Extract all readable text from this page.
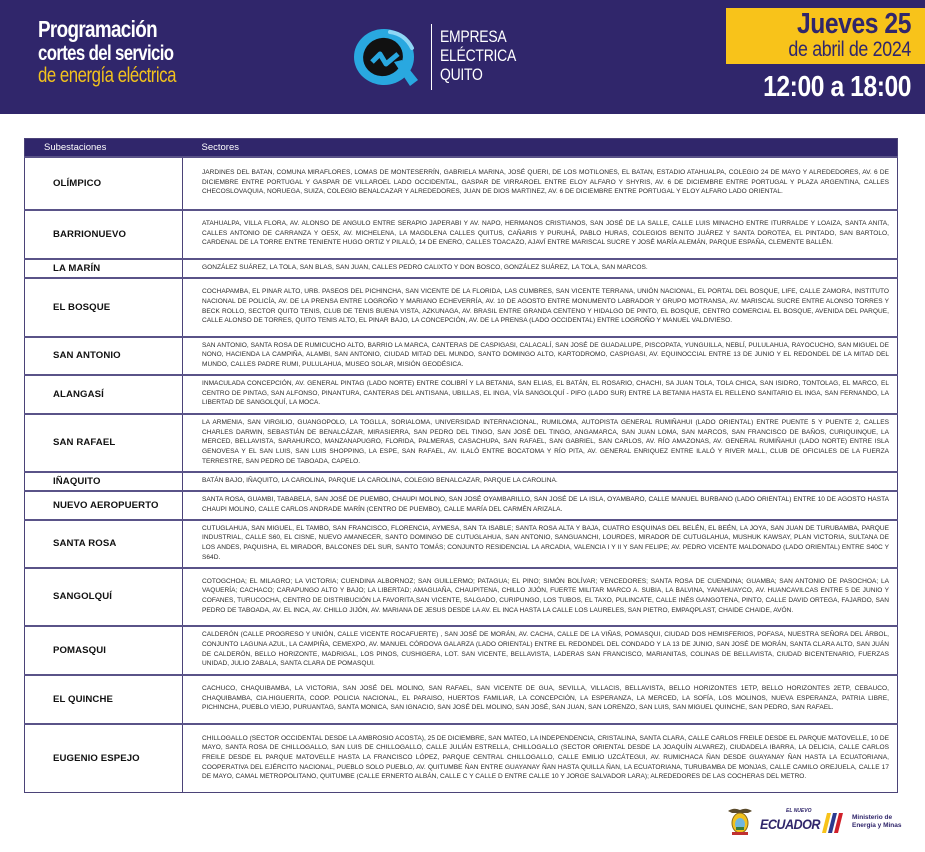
Programación
cortes del servicio
de energía eléctrica
EMPRESA
ELÉCTRICA
QUITO
Jueves 25
de abril de 2024
12:00 a 18:00
Subestaciones	Sectores
OLÍMPICO	JARDINES DEL BATAN, COMUNA MIRAFLORES, LOMAS DE MONTESERRÍN, GABRIELA MARINA, JOSÉ QUERI, DE LOS MOTILONES, EL BATAN, ESTADIO ATAHUALPA, COLEGIO 24 DE MAYO Y ALREDEDORES, AV. 6 DE DICIEMBRE ENTRE PORTUGAL Y GASPAR DE VILLAROEL LADO OCCIDENTAL, GASPAR DE VIRRAROEL ENTRE ELOY ALFARO Y SHYRIS, AV. 6 DE DICIEMBRE ENTRE PORTUGAL Y PLAZA ARGENTINA, CALLES CHECOSLOVAQUIA, NORUEGA, SUIZA, COLEGIO BENALCAZAR Y ALREDEDORES, JUAN DE DIOS MARTINEZ, AV. 6 DE DICIEMBRE ENTRE PORTUGAL Y ELOY ALFARO LADO ORIENTAL.
BARRIONUEVO	ATAHUALPA, VILLA FLORA, AV. ALONSO DE ANGULO ENTRE SERAPIO JAPERABI Y AV. NAPO, HERMANOS CRISTIANOS, SAN JOSÉ DE LA SALLE, CALLE LUIS MINACHO ENTRE ITURRALDE Y LOAIZA, SANTA ANITA, CALLES ANTONIO DE CARRANZA Y OE5X, AV. MICHELENA, LA MAGDLENA CALLES QUITUS, CAÑARIS Y PURUHÁ, PABLO HURAS, COLEGIOS BENITO JUÁREZ Y SANTA DOROTEA, EL PINTADO, SAN BARTOLO, CARDENAL DE LA TORRE ENTRE TENIENTE HUGO ORTIZ Y PILALÓ, 14 DE ENERO, CALLES TOACAZO, AJAVÍ ENTRE MARISCAL SUCRE Y JOSÉ MARÍA ALEMÁN, PARQUE ESPAÑA, CLEMENTE BALLÉN.
LA MARÍN	GONZÁLEZ SUÁREZ, LA TOLA, SAN BLAS, SAN JUAN, CALLES PEDRO CALIXTO Y DON BOSCO, GONZÁLEZ SUÁREZ, LA TOLA, SAN MARCOS.
EL BOSQUE	COCHAPAMBA, EL PINAR ALTO, URB. PASEOS DEL PICHINCHA, SAN VICENTE DE LA FLORIDA, LAS CUMBRES, SAN VICENTE TERRANA, UNIÓN NACIONAL, EL PORTAL DEL BOSQUE, LIFE, CALLE ZAMORA, INSTITUTO NACIONAL DE POLICÍA, AV. DE LA PRENSA ENTRE LOGROÑO Y MARIANO ECHEVERRÍA, AV. 10 DE AGOSTO ENTRE MONUMENTO LABRADOR Y GRUPO MOTRANSA, AV. MARISCAL SUCRE ENTRE ALONSO TORRES Y BECK ROLLO, SECTOR QUITO TENIS, CLUB DE TENIS BUENA VISTA, AZKUNAGA, AV. BRASIL ENTRE GRANDA CENTENO Y HIDALGO DE PINTO, EL BOSQUE, CENTRO COMERCIAL EL BOSQUE, AVENIDA DEL PARQUE, CALLE ALONSO DE TORRES, QUITO TENIS ALTO, EL PINAR BAJO, LA CONCEPCIÓN, AV. DE LA PRENSA (LADO OCCIDENTAL) ENTRE LOGROÑO Y MANUEL VALDIVIESO.
SAN ANTONIO	SAN ANTONIO, SANTA ROSA DE RUMICUCHO ALTO, BARRIO LA MARCA, CANTERAS DE CASPIGASI, CALACALÍ, SAN JOSÉ DE GUADALUPE, PISCOPATA, YUNGUILLA, NEBLÍ, PULULAHUA, RAYOCUCHO, SAN MIGUEL DE NONO, HACIENDA LA CAMPIÑA, ALAMBI, SAN ANTONIO, CIUDAD MITAD DEL MUNDO, SANTO DOMINGO ALTO, KARTODROMO, CASPIGASI, AV. EQUINOCCIAL ENTRE 13 DE JUNIO Y EL REDONDEL DE LA MITAD DEL MUNDO, CALLES PADRE RUMI, PULULAHUA, MUSEO SOLAR, MISIÓN GEODÉSICA.
ALANGASÍ	INMACULADA CONCEPCIÓN, AV. GENERAL PINTAG (LADO NORTE) ENTRE COLIBRÍ Y LA BETANIA, SAN ELIAS, EL BATÁN, EL ROSARIO, CHACHI, SA JUAN TOLA, TOLA CHICA, SAN ISIDRO, TONTOLAG, EL MARCO, EL CENTRO DE PINTAG, SAN ALFONSO, PINANTURA, CANTERAS DEL ANTISANA, UBILLAS, EL INGA, VÍA SANGOLQUÍ - PIFO (LADO SUR) ENTRE LA BETANIA HASTA EL RELLENO SANITARIO EL INGA, SAN FERNANDO, LA LIBERTAD DE SANGOLQUÍ, LA MOCA.
SAN RAFAEL	LA ARMENIA, SAN VIRGILIO, GUANGOPOLO, LA TOGLLA, SORIALOMA, UNIVERSIDAD INTERNACIONAL, RUMILOMA, AUTOPISTA GENERAL RUMIÑAHUI (LADO ORIENTAL) ENTRE PUENTE 5 Y PUENTE 2, CALLES CHARLES DARWIN, SEBASTIÁN DE BENALCÁZAR, MIRASIERRA, SAN PEDRO DEL TINGO, SAN JOSÉ DEL TINGO, ANGAMARCA, SAN JUAN LOMA, SAN MARCOS, SAN FRANCISCO DE BAÑOS, CURIQUINQUE, LA MERCED, BELLAVISTA, SARAHURCO, MANZANAPUGRO, FLORIDA, PALMERAS, CASACHUPA, SAN RAFAEL, SAN GABRIEL, SAN CARLOS, AV. RÍO AMAZONAS, AV. GENERAL RUMIÑAHUI (LADO NORTE) ENTRE ISLA GENOVESA Y EL SAN LUIS, SAN LUIS SHOPPING, LA ESPE, SAN RAFAEL, AV. ILALÓ ENTRE BOCATOMA Y RÍO PITA, AV. GENERAL ENRIQUEZ ENTRE ILALÓ Y RIVER MALL, CLUB DE OFICIALES DE LA FUERZA TERRESTRE, SAN PEDRO DE TABOADA, CAPELO.
IÑAQUITO	BATÁN BAJO, IÑAQUITO, LA CAROLINA, PARQUE LA CAROLINA, COLEGIO BENALCAZAR, PARQUE LA CAROLINA.
NUEVO AEROPUERTO	SANTA ROSA, GUAMBI, TABABELA, SAN JOSÉ DE PUEMBO, CHAUPI MOLINO, SAN JOSÉ OYAMBARILLO, SAN JOSÉ DE LA ISLA, OYAMBARO, CALLE MANUEL BURBANO (LADO ORIENTAL) ENTRE 10 DE AGOSTO HASTA CHAUPI MOLINO, CALLE CARLOS ANDRADE MARÍN (CENTRO DE PUEMBO), CALLE MARÍA DEL CARMÉN ARIZALA.
SANTA ROSA	CUTUGLAHUA, SAN MIGUEL, EL TAMBO, SAN FRANCISCO, FLORENCIA, AYMESA, SAN TA ISABLE; SANTA ROSA ALTA Y BAJA, CUATRO ESQUINAS DEL BELÉN, EL BEÉN, LA JOYA, SAN JUAN DE TURUBAMBA, PARQUE INDUSTRIAL, CALLE S60, EL CISNE, NUEVO AMANECER, SANTO DOMINGO DE CUTUGLAHUA, SAN ANTONIO, SANGUANCHI, LOURDES, MIRADOR DE CUTUGLAHUA, MUSHUK KAWSAY, PLAN VICTORIA, SULTANA DE LOS ANDES, PAQUISHA, EL MIRADOR, BALCONES DEL SUR, SANTO TOMÁS; CONJUNTO RESIDENCIAL LA ARCADIA, VALENCIA I Y II Y SAN FELIPE; AV. PEDRO VICENTE MALDONADO (LADO ORIENTAL) ENTRE S40C Y S64D.
SANGOLQUÍ	COTOGCHOA; EL MILAGRO; LA VICTORIA; CUENDINA ALBORNOZ; SAN GUILLERMO; PATAGUA; EL PINO; SIMÓN BOLÍVAR; VENCEDORES; SANTA ROSA DE CUENDINA; GUAMBA; SAN ANTONIO DE PASOCHOA; LA VAQUERÍA; CACHACO; CARAPUNGO ALTO Y BAJO; LA LIBERTAD; AMAGUAÑA, CHAUPITENA, CHILLO JIJÓN, FUERTE MILITAR MARCO A. SUBIA, LA BALVINA, YANAHUAYCO, AV. HUANCAVILCAS ENTRE 5 DE JUNIO Y COFANES, TURUCOCHA, CENTRO DE DISTRIBUCIÓN LA FAVORITA,SAN VICENTE, SALGADO, CURIPUNGO, LOS TUBOS, EL TAXO, PULINCATE, CALLE INÉS GANGOTENA, PINTO, CALLE DAVID ORTEGA, FAJARDO, SAN PEDRO DE TABOADA, AV. EL INCA, AV. CHILLO JIJÓN, AV. MARIANA DE JESUS DESDE LA AV. EL INCA HASTA LA CALLE LOS LAURELES, SAN PIETRO, EMPAQPLAST, CHAIDE CHAIDE, AVÓN.
POMASQUI	CALDERÓN (CALLE PROGRESO Y UNIÓN, CALLE VICENTE ROCAFUERTE) , SAN JOSÉ DE MORÁN, AV. CACHA, CALLE DE LA VIÑAS, POMASQUI, CIUDAD DOS HEMISFERIOS, POFASA, NUESTRA SEÑORA DEL ÁRBOL, CONJUNTO LAGUNA AZUL, LA CAMPIÑA, CEMEXPO, AV. MANUEL CÓRDOVA GALARZA (LADO ORIENTAL) ENTRE EL REDONDEL DEL CONDADO Y LA 13 DE JUNIO, SAN JOSÉ DE MORÁN, SANTA CLARA ALTO, SAN JUÁN DE CALDERÓN, BELLO HORIZONTE, MADRIGAL, LOS PINOS, CUSHIGERA, LOT. SAN VICENTE, BELLAVISTA, LADERAS SAN FRANCISCO, MARIANITAS, COLINAS DE BELLAVISTA, CIUDAD BICENTENARIO, FUERZAS UNIDAD, JULIO ZABALA, SANTA CLARA DE POMASQUI.
EL QUINCHE	CACHUCO, CHAQUIBAMBA, LA VICTORIA, SAN JOSÉ DEL MOLINO, SAN RAFAEL, SAN VICENTE DE GUA, SEVILLA, VILLACIS, BELLAVISTA, BELLO HORIZONTES 1ETP, BELLO HORIZONTES 2ETP, CEBAUCO, CHAQUIBAMBA, CIA.HIGUERITA, COOP. POLICIA NACIONAL, EL PARAISO, HUERTOS FAMILIAR, LA CONCEPCIÓN, LA ESPERANZA, LA MERCED, LA SOFÍA, LOS MOLINOS, NUEVA ESPERANZA, PATRIA LIBRE, PICHINCHA, PUEBLO VIEJO, PURUANTAG, SANTA MONICA, SAN IGNACIO, SAN JOSÉ DEL MOLINO, SAN JOSÉ, SAN JUAN, SAN LORENZO, SAN LUIS, SAN MIGUEL QUINCHE, SAN PEDRO, SAN RAFAEL.
EUGENIO ESPEJO	CHILLOGALLO (SECTOR OCCIDENTAL DESDE LA AMBROSIO ACOSTA), 25 DE DICIEMBRE, SAN MATEO, LA INDEPENDENCIA, CRISTALINA, SANTA CLARA, CALLE CARLOS FREILE DESDE EL PARQUE MATOVELLE, 10 DE MAYO, SANTA ROSA DE CHILLOGALLO, SAN LUIS DE CHILLOGALLO, CALLE JULIÁN ESTRELLA, CHILLOGALLO (SECTOR ORIENTAL DESDE LA JOAQUÍN ALVAREZ), CIUDADELA IBARRA, LA DELICIA, CALLE CARLOS FREILE DESDE EL PARQUE MATOVELLE HASTA LA FRANCISCO LÓPEZ, PARQUE CENTRAL CHILLOGALLO, CALLE EMILIO UZCÁTEGUI, AV. RUMICHACA ÑAN DESDE GUAYANAY ÑAN HASTA LA ECUATORIANA, COOPERATIVA DEL EJÉRCITO NACIONAL, PUEBLO SOLO PUEBLO, AV. QUITUMBE ÑAN ENTRE GUAYANAY ÑAN HASTA QUILLA ÑAN, LA ECUATORIANA, TURUBAMBA DE MONJAS, CALLE CAMILO OREJUELA, CALLE 17 DE MAYO, CAMAL METROPOLITANO, QUITUMBE (CALLE ERNERTO ALBÁN, CALLE C Y CALLE D ENTRE CALLE 10 Y JORGE SALVADOR LARA); ALREDEDORES DE LAS COCHERAS DEL METRO.
EL NUEVO
ECUADOR	Ministerio de
Energía y Minas
